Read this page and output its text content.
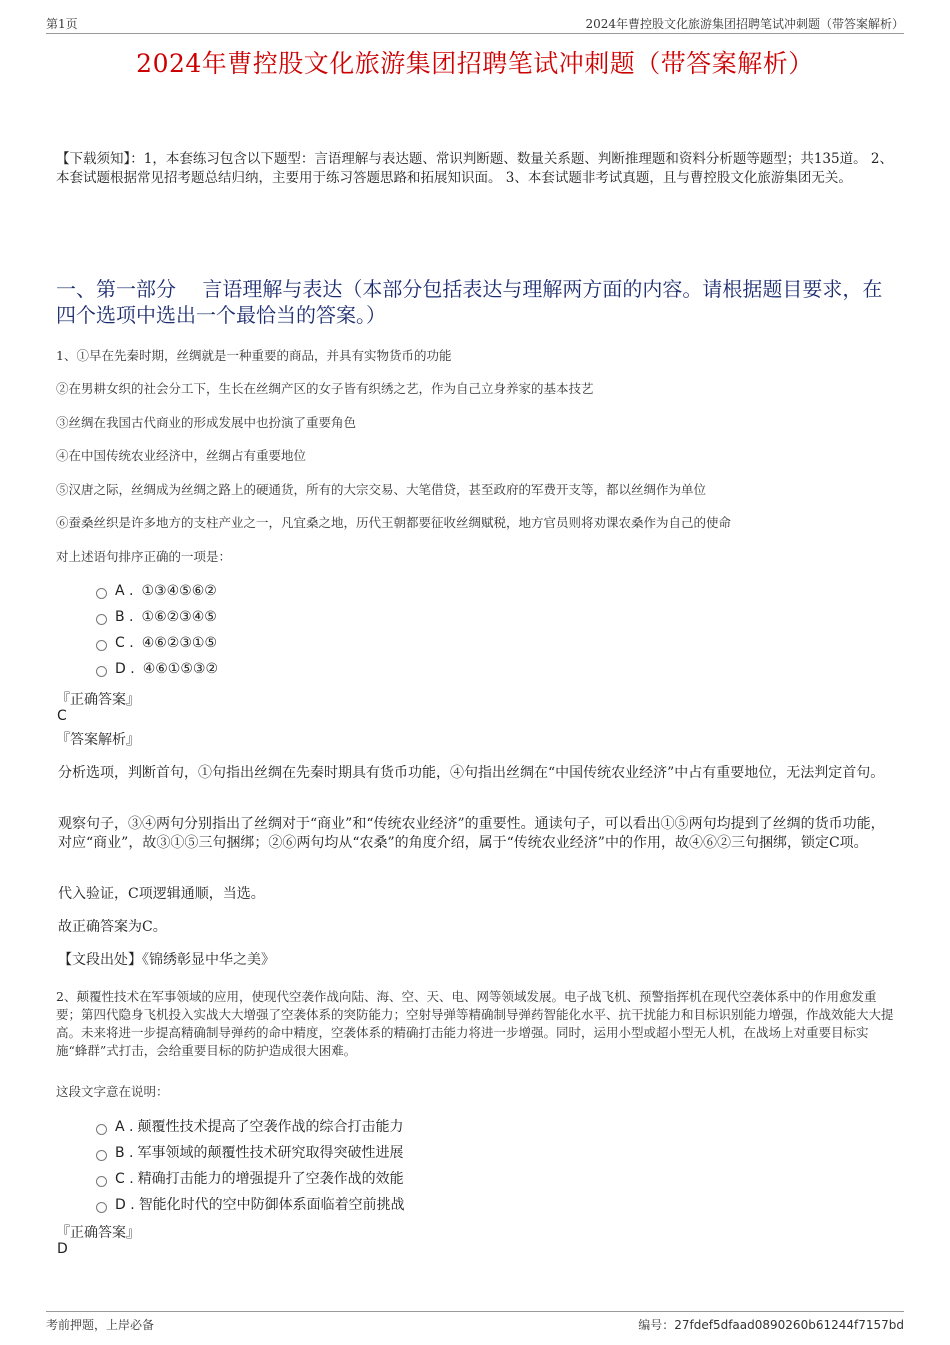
第1页	2024年曹控股文化旅游集团招聘笔试冲刺题（带答案解析）
2024年曹控股文化旅游集团招聘笔试冲刺题（带答案解析）

【下载须知】：1，本套练习包含以下题型：言语理解与表达题、常识判断题、数量关系题、判断推理题和资料分析题等题型；共135道。 2、本套试题根据常见招考题总结归纳，主要用于练习答题思路和拓展知识面。 3、本套试题非考试真题，且与曹控股文化旅游集团无关。

一、第一部分　 言语理解与表达（本部分包括表达与理解两方面的内容。请根据题目要求，在四个选项中选出一个最恰当的答案。）

1、①早在先秦时期，丝绸就是一种重要的商品，并具有实物货币的功能

②在男耕女织的社会分工下，生长在丝绸产区的女子皆有织绣之艺，作为自己立身养家的基本技艺

③丝绸在我国古代商业的形成发展中也扮演了重要角色

④在中国传统农业经济中，丝绸占有重要地位

⑤汉唐之际，丝绸成为丝绸之路上的硬通货，所有的大宗交易、大笔借贷，甚至政府的军费开支等，都以丝绸作为单位

⑥蚕桑丝织是许多地方的支柱产业之一，凡宜桑之地，历代王朝都要征收丝绸赋税，地方官员则将劝课农桑作为自己的使命

对上述语句排序正确的一项是：

A . ①③④⑤⑥②
B . ①⑥②③④⑤
C . ④⑥②③①⑤
D . ④⑥①⑤③②
『正确答案』
C
『答案解析』

分析选项，判断首句，①句指出丝绸在先秦时期具有货币功能，④句指出丝绸在“中国传统农业经济”中占有重要地位，无法判定首句。

观察句子，③④两句分别指出了丝绸对于“商业”和“传统农业经济”的重要性。通读句子，可以看出①⑤两句均提到了丝绸的货币功能，对应“商业”，故③①⑤三句捆绑；②⑥两句均从“农桑”的角度介绍，属于“传统农业经济”中的作用，故④⑥②三句捆绑，锁定C项。

代入验证，C项逻辑通顺，当选。

故正确答案为C。

【文段出处】《锦绣彰显中华之美》

2、颠覆性技术在军事领域的应用，使现代空袭作战向陆、海、空、天、电、网等领域发展。电子战飞机、预警指挥机在现代空袭体系中的作用愈发重要；第四代隐身飞机投入实战大大增强了空袭体系的突防能力；空射导弹等精确制导弹药智能化水平、抗干扰能力和目标识别能力增强，作战效能大大提高。未来将进一步提高精确制导弹药的命中精度，空袭体系的精确打击能力将进一步增强。同时，运用小型或超小型无人机，在战场上对重要目标实施“蜂群”式打击，会给重要目标的防护造成很大困难。

这段文字意在说明：

A . 颠覆性技术提高了空袭作战的综合打击能力
B . 军事领域的颠覆性技术研究取得突破性进展
C . 精确打击能力的增强提升了空袭作战的效能
D . 智能化时代的空中防御体系面临着空前挑战
『正确答案』
D
考前押题，上岸必备	编号：27fdef5dfaad0890260b61244f7157bd
